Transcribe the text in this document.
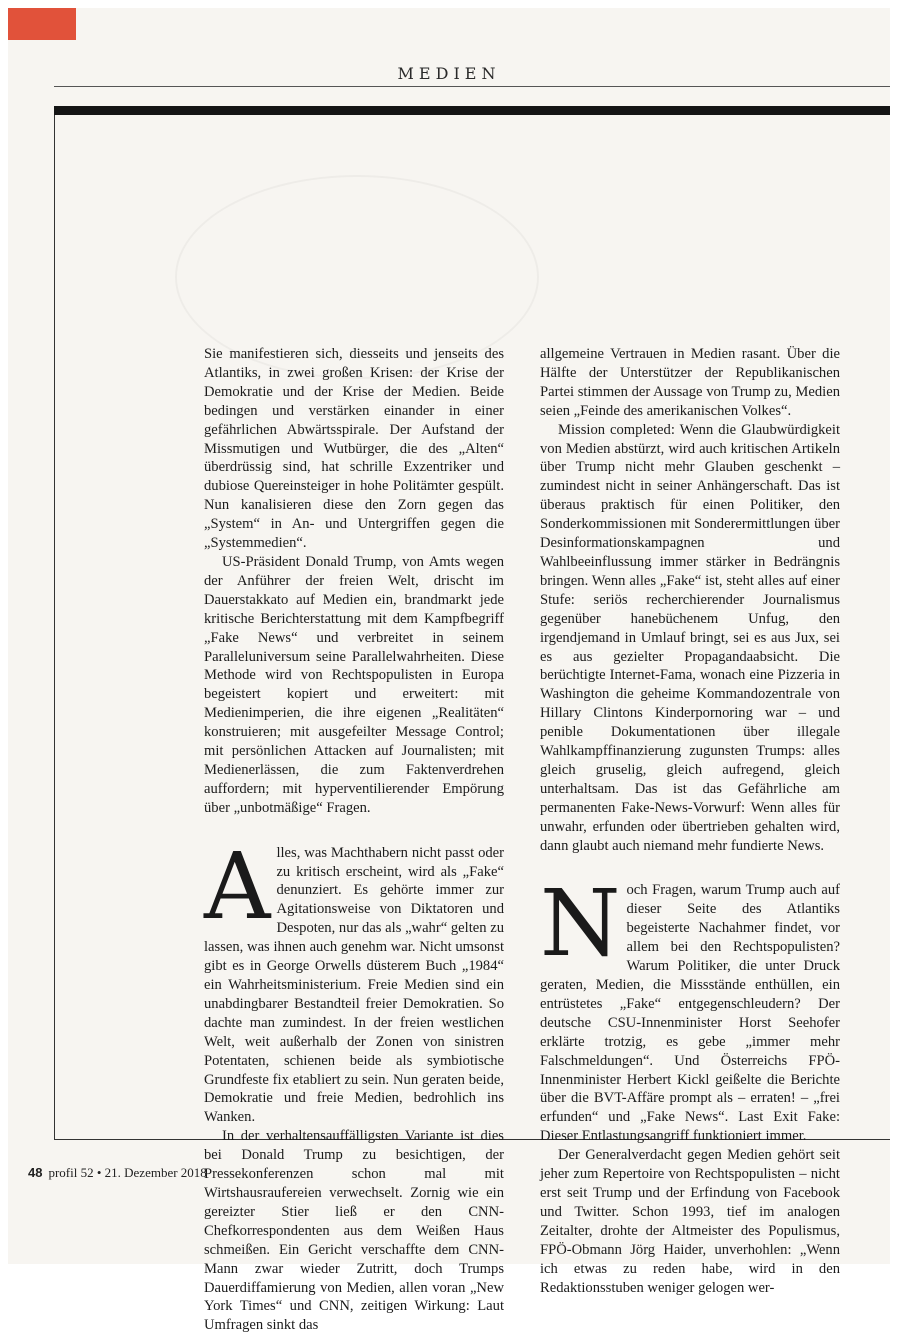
MEDIEN

Sie manifestieren sich, diesseits und jenseits des Atlantiks, in zwei großen Krisen: der Krise der Demokratie und der Krise der Medien. Beide bedingen und verstärken einander in einer gefährlichen Abwärtsspirale. Der Aufstand der Missmutigen und Wutbürger, die des „Alten“ überdrüssig sind, hat schrille Exzentriker und dubiose Quereinsteiger in hohe Politämter gespült. Nun kanalisieren diese den Zorn gegen das „System“ in An- und Untergriffen gegen die „Systemmedien“.

US-Präsident Donald Trump, von Amts wegen der Anführer der freien Welt, drischt im Dauerstakkato auf Medien ein, brandmarkt jede kritische Berichterstattung mit dem Kampfbegriff „Fake News“ und verbreitet in seinem Paralleluniversum seine Parallelwahrheiten. Diese Methode wird von Rechtspopulisten in Europa begeistert kopiert und erweitert: mit Medienimperien, die ihre eigenen „Realitäten“ konstruieren; mit ausgefeilter Message Control; mit persönlichen Attacken auf Journalisten; mit Medienerlässen, die zum Faktenverdrehen auffordern; mit hyperventilierender Empörung über „unbotmäßige“ Fragen.

Alles, was Machthabern nicht passt oder zu kritisch erscheint, wird als „Fake“ denunziert. Es gehörte immer zur Agitationsweise von Diktatoren und Despoten, nur das als „wahr“ gelten zu lassen, was ihnen auch genehm war. Nicht umsonst gibt es in George Orwells düsterem Buch „1984“ ein Wahrheitsministerium. Freie Medien sind ein unabdingbarer Bestandteil freier Demokratien. So dachte man zumindest. In der freien westlichen Welt, weit außerhalb der Zonen von sinistren Potentaten, schienen beide als symbiotische Grundfeste fix etabliert zu sein. Nun geraten beide, Demokratie und freie Medien, bedrohlich ins Wanken.

In der verhaltensauffälligsten Variante ist dies bei Donald Trump zu besichtigen, der Pressekonferenzen schon mal mit Wirtshausraufereien verwechselt. Zornig wie ein gereizter Stier ließ er den CNN-Chefkorrespondenten aus dem Weißen Haus schmeißen. Ein Gericht verschaffte dem CNN-Mann zwar wieder Zutritt, doch Trumps Dauerdiffamierung von Medien, allen voran „New York Times“ und CNN, zeitigen Wirkung: Laut Umfragen sinkt das

allgemeine Vertrauen in Medien rasant. Über die Hälfte der Unterstützer der Republikanischen Partei stimmen der Aussage von Trump zu, Medien seien „Feinde des amerikanischen Volkes“.

Mission completed: Wenn die Glaubwürdigkeit von Medien abstürzt, wird auch kritischen Artikeln über Trump nicht mehr Glauben geschenkt – zumindest nicht in seiner Anhängerschaft. Das ist überaus praktisch für einen Politiker, den Sonderkommissionen mit Sonderermittlungen über Desinformationskampagnen und Wahlbeeinflussung immer stärker in Bedrängnis bringen. Wenn alles „Fake“ ist, steht alles auf einer Stufe: seriös recherchierender Journalismus gegenüber hanebüchenem Unfug, den irgendjemand in Umlauf bringt, sei es aus Jux, sei es aus gezielter Propagandaabsicht. Die berüchtigte Internet-Fama, wonach eine Pizzeria in Washington die geheime Kommandozentrale von Hillary Clintons Kinderpornoring war – und penible Dokumentationen über illegale Wahlkampffinanzierung zugunsten Trumps: alles gleich gruselig, gleich aufregend, gleich unterhaltsam. Das ist das Gefährliche am permanenten Fake-News-Vorwurf: Wenn alles für unwahr, erfunden oder übertrieben gehalten wird, dann glaubt auch niemand mehr fundierte News.

Noch Fragen, warum Trump auch auf dieser Seite des Atlantiks begeisterte Nachahmer findet, vor allem bei den Rechtspopulisten? Warum Politiker, die unter Druck geraten, Medien, die Missstände enthüllen, ein entrüstetes „Fake“ entgegenschleudern? Der deutsche CSU-Innenminister Horst Seehofer erklärte trotzig, es gebe „immer mehr Falschmeldungen“. Und Österreichs FPÖ-Innenminister Herbert Kickl geißelte die Berichte über die BVT-Affäre prompt als – erraten! – „frei erfunden“ und „Fake News“. Last Exit Fake: Dieser Entlastungsangriff funktioniert immer.

Der Generalverdacht gegen Medien gehört seit jeher zum Repertoire von Rechtspopulisten – nicht erst seit Trump und der Erfindung von Facebook und Twitter. Schon 1993, tief im analogen Zeitalter, drohte der Altmeister des Populismus, FPÖ-Obmann Jörg Haider, unverhohlen: „Wenn ich etwas zu reden habe, wird in den Redaktionsstuben weniger gelogen wer-

48 profil 52 • 21. Dezember 2018
